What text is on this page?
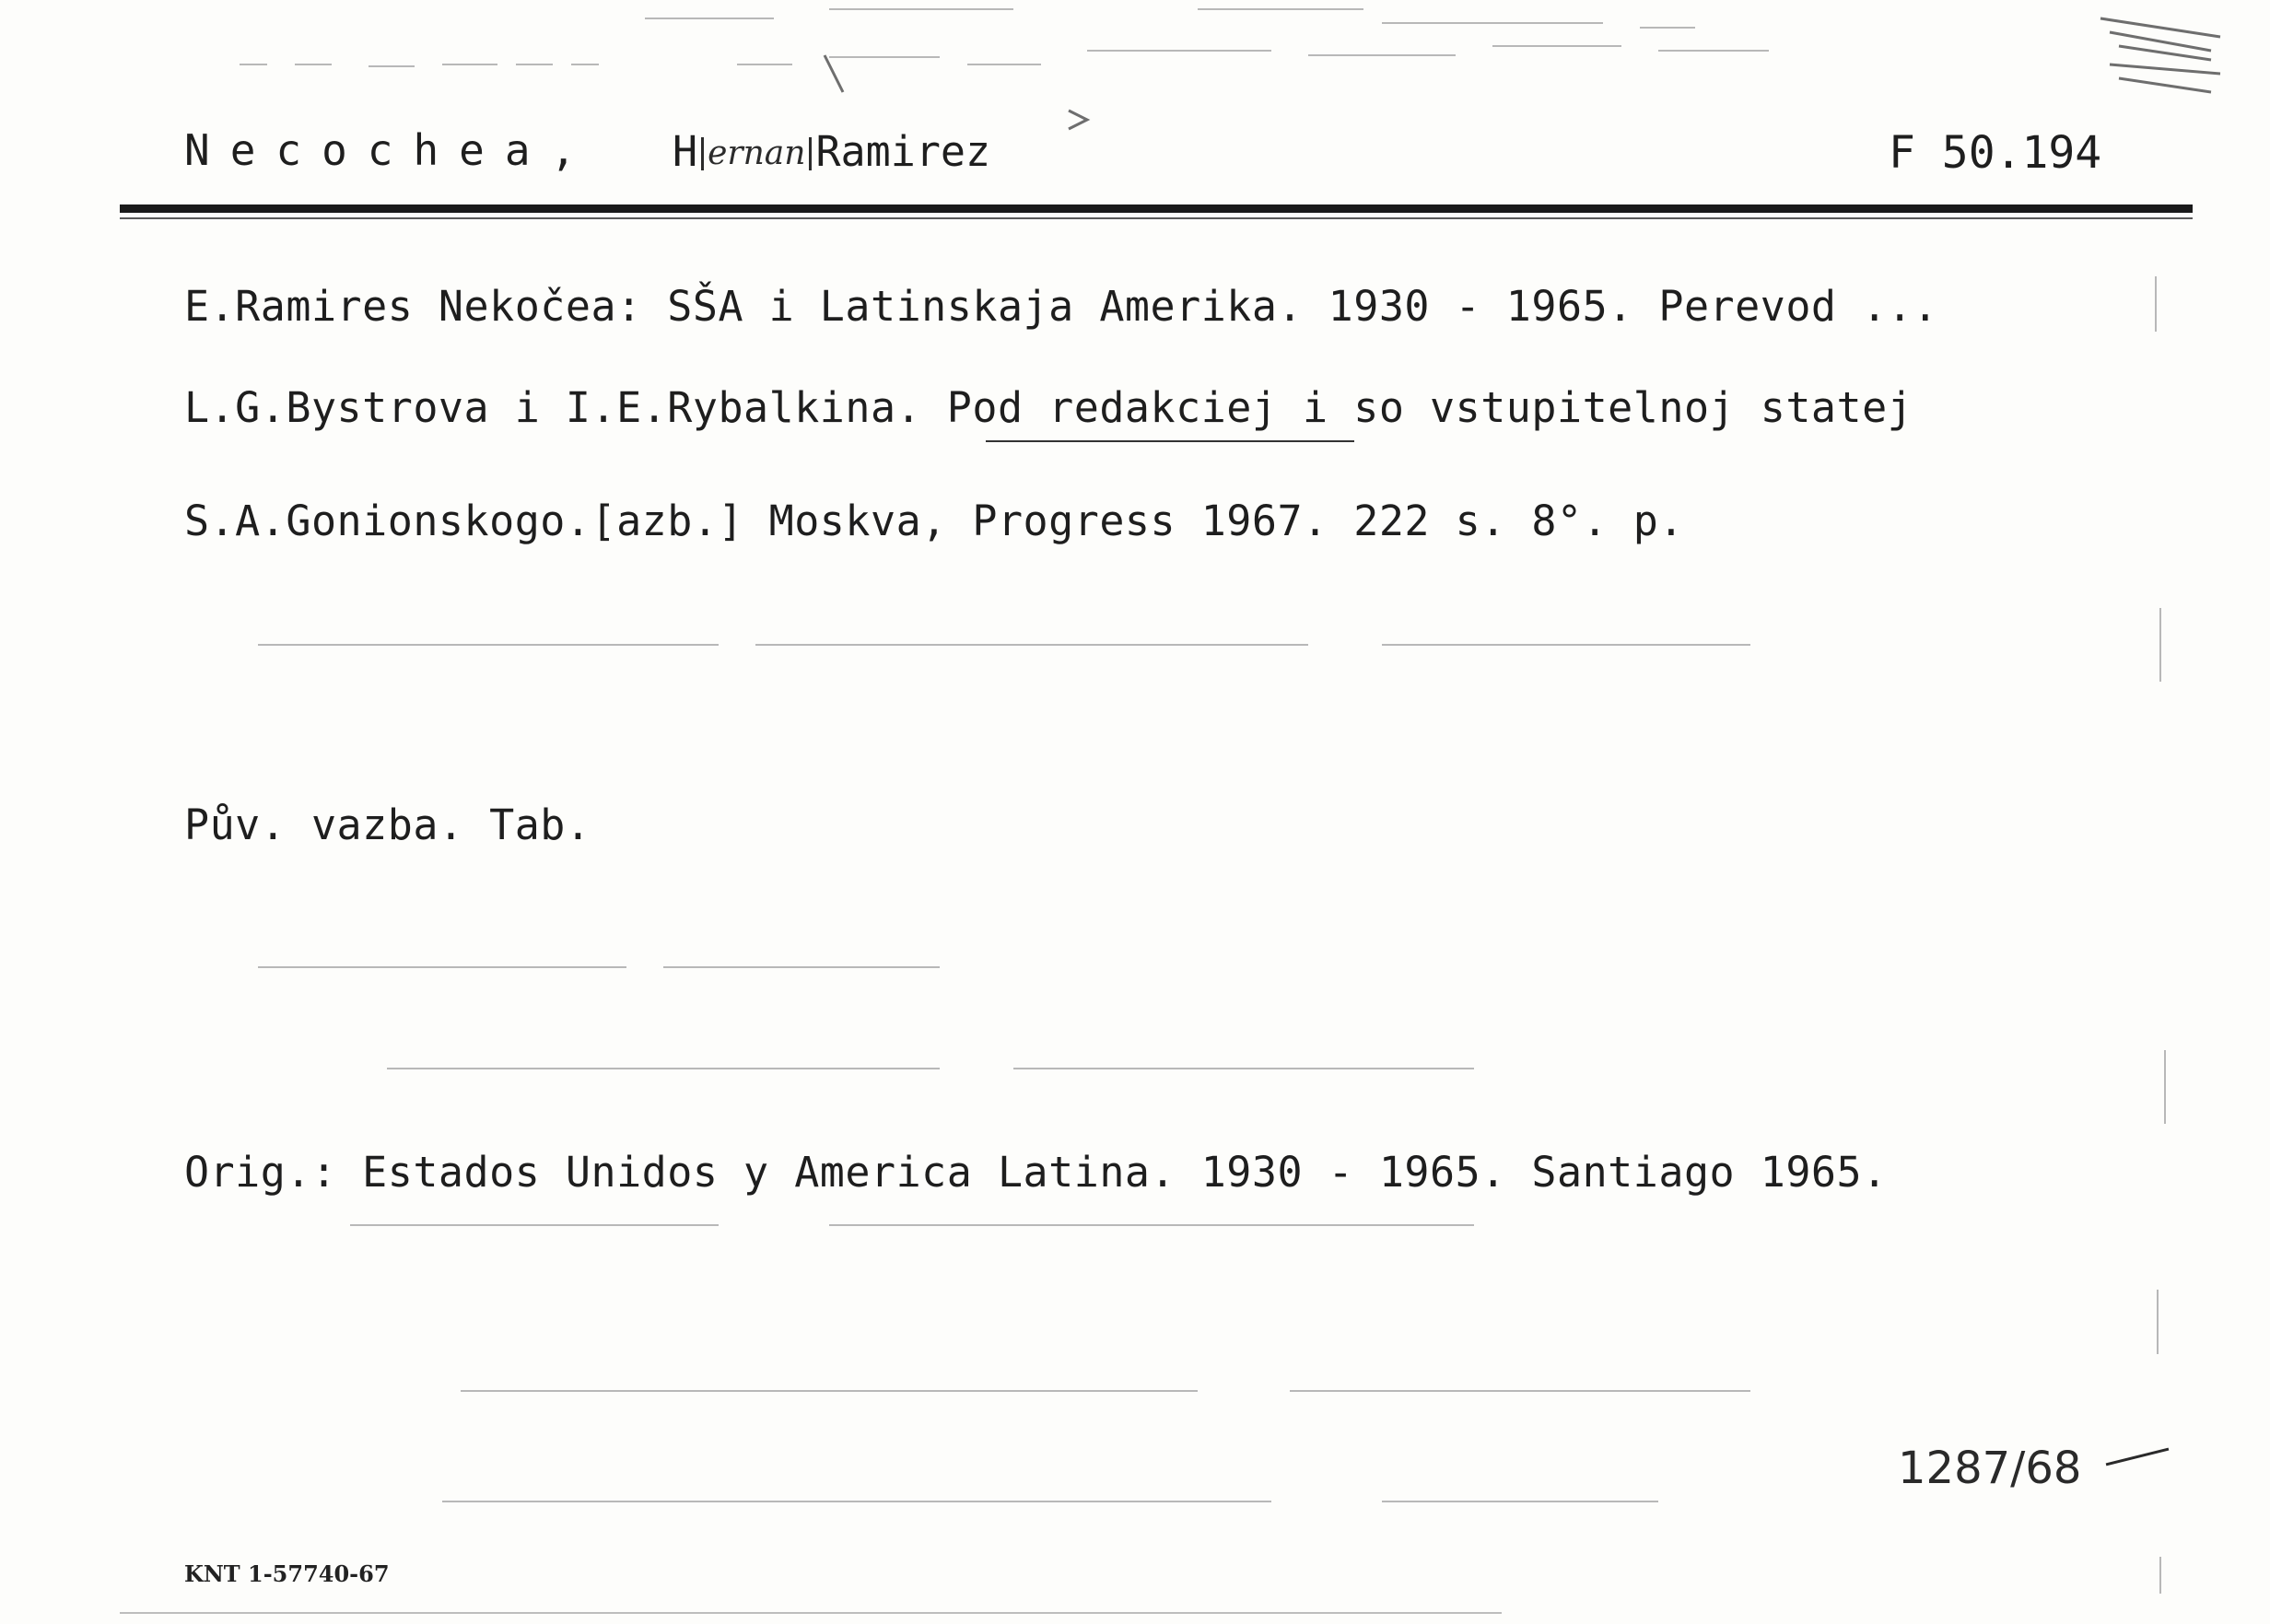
Necochea, H ernan Ramirez	F 50.194
E.Ramires Nekočea: SŠA i Latinskaja Amerika. 1930 - 1965. Perevod ...
L.G.Bystrova i I.E.Rybalkina. Pod redakciej i so vstupitelnoj statej
S.A.Gonionskogo.[azb.] Moskva, Progress 1967. 222 s. 8°. p.
Pův. vazba. Tab.
Orig.: Estados Unidos y America Latina. 1930 - 1965. Santiago 1965.
1287/68
KNT 1-57740-67
